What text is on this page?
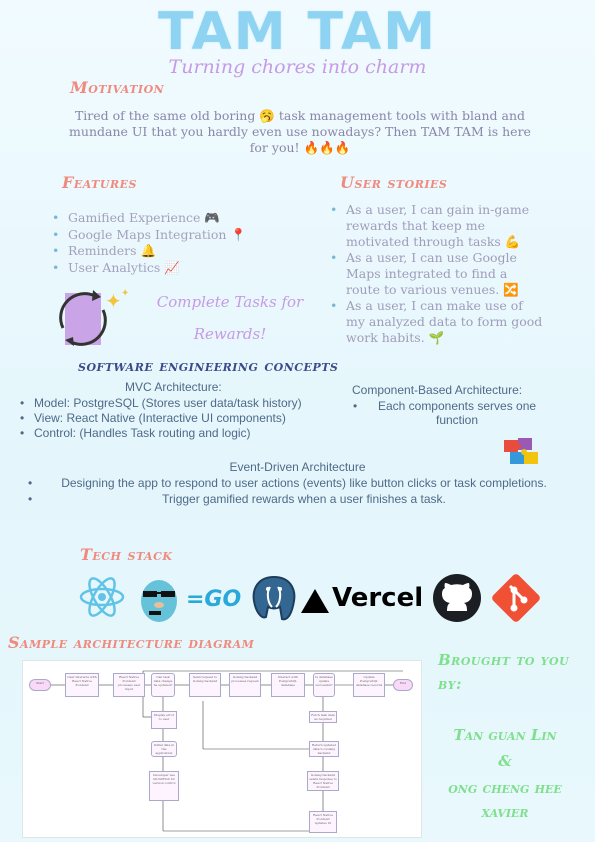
TAM TAM
Turning chores into charm
Motivation
Tired of the same old boring 🥱 task management tools with bland and mundane UI that you hardly even use nowadays? Then TAM TAM is here for you! 🔥🔥🔥
Features
• Gamified Experience 🎮
• Google Maps Integration 📍
• Reminders 🔔
• User Analytics 📈
User stories
• As a user, I can gain in-game rewards that keep me motivated through tasks 💪
• As a user, I can use Google Maps integrated to find a route to various venues. 🔀
• As a user, I can make use of my analyzed data to form good work habits. 🌱
✦ ✦	Complete Tasks for
Rewards!
software engineering concepts
MVC Architecture:
• Model: PostgreSQL (Stores user data/task history)
• View: React Native (Interactive UI components)
• Control: (Handles Task routing and logic)
Component-Based Architecture:
• Each components serves one function
Event-Driven Architecture
• Designing the app to respond to user actions (events) like button clicks or task completions.
•	Trigger gamified rewards when a user finishes a task.
Tech stack
=GO	Vercel
Sample architecture diagram
Start
User interacts with React Native frontend
React Native frontend processes user input
Can task data change be updated?
Send request to Golang backend
Golang backend processes request
Interact with PostgreSQL database
Is database update successful?
Update PostgreSQL database records	End
Display error to user
Initial data in the application
Developer use Git/GitHub for version control
Fetch task data as required
Return updated data to Golang backend
Golang backend sends response to React Native frontend
React Native frontend updates UI
Brought to you
by:
Tan guan Lin
&
ong cheng hee
xavier
